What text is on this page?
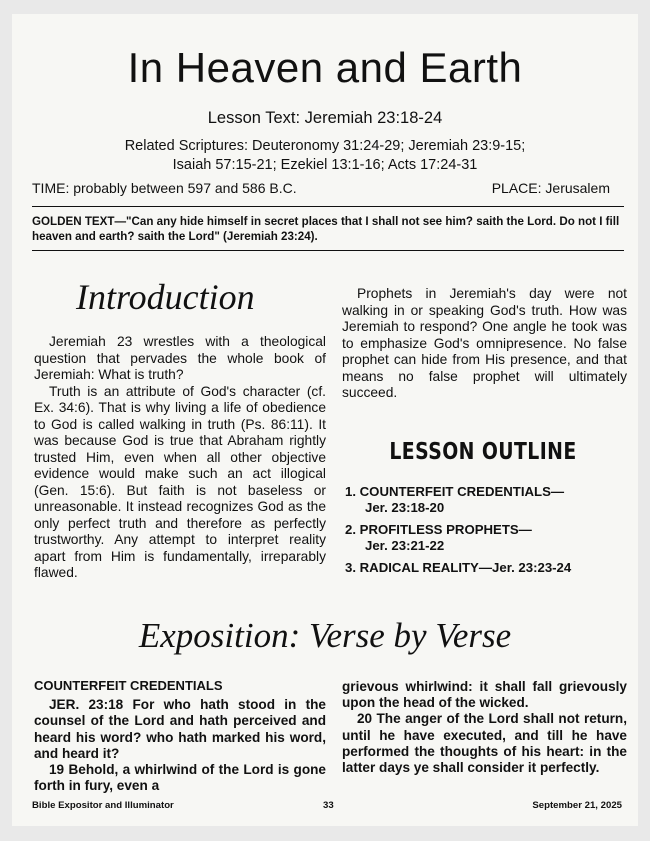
In Heaven and Earth
Lesson Text: Jeremiah 23:18-24
Related Scriptures: Deuteronomy 31:24-29; Jeremiah 23:9-15;
Isaiah 57:15-21; Ezekiel 13:1-16; Acts 17:24-31
TIME: probably between 597 and 586 B.C.	PLACE: Jerusalem
GOLDEN TEXT—"Can any hide himself in secret places that I shall not see him? saith the Lord. Do not I fill heaven and earth? saith the Lord" (Jeremiah 23:24).
Introduction

Jeremiah 23 wrestles with a theological question that pervades the whole book of Jeremiah: What is truth?

Truth is an attribute of God's character (cf. Ex. 34:6). That is why living a life of obedience to God is called walking in truth (Ps. 86:11). It was because God is true that Abraham rightly trusted Him, even when all other objective evidence would make such an act illogical (Gen. 15:6). But faith is not baseless or unreasonable. It instead recognizes God as the only perfect truth and therefore as perfectly trustworthy. Any attempt to interpret reality apart from Him is fundamentally, irreparably flawed.

Prophets in Jeremiah's day were not walking in or speaking God's truth. How was Jeremiah to respond? One angle he took was to emphasize God's omnipresence. No false prophet can hide from His presence, and that means no false prophet will ultimately succeed.

LESSON OUTLINE
1. COUNTERFEIT CREDENTIALS—
Jer. 23:18-20
2. PROFITLESS PROPHETS—
Jer. 23:21-22
3. RADICAL REALITY—Jer. 23:23-24
Exposition: Verse by Verse

COUNTERFEIT CREDENTIALS

JER. 23:18 For who hath stood in the counsel of the Lord and hath perceived and heard his word? who hath marked his word, and heard it?

19 Behold, a whirlwind of the Lord is gone forth in fury, even a

grievous whirlwind: it shall fall grievously upon the head of the wicked.

20 The anger of the Lord shall not return, until he have executed, and till he have performed the thoughts of his heart: in the latter days ye shall consider it perfectly.

Bible Expositor and Illuminator	33	September 21, 2025
